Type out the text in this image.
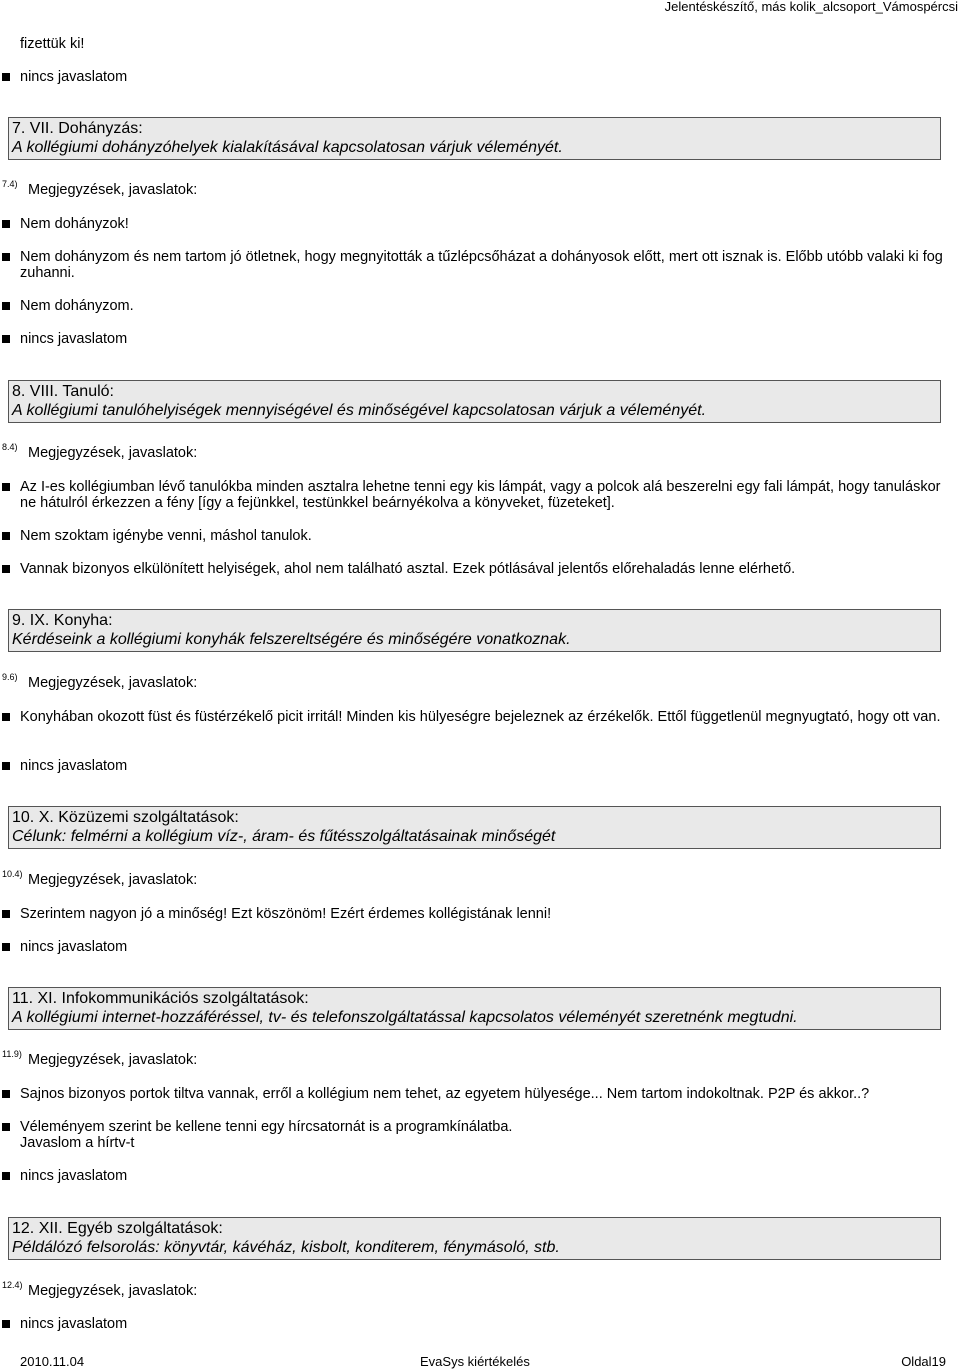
Jelentéskészítő, más kolik_alcsoport_Vámospércsi
fizettük ki!
nincs javaslatom
7. VII. Dohányzás:
A kollégiumi dohányzóhelyek kialakításával kapcsolatosan várjuk véleményét.
7.4) Megjegyzések, javaslatok:
Nem dohányzok!
Nem dohányzom és nem tartom jó ötletnek, hogy megnyitották a tűzlépcsőházat a dohányosok előtt, mert ott isznak is. Előbb utóbb valaki ki fog zuhanni.
Nem dohányzom.
nincs javaslatom
8. VIII. Tanuló:
A kollégiumi tanulóhelyiségek mennyiségével és minőségével kapcsolatosan várjuk a véleményét.
8.4) Megjegyzések, javaslatok:
Az I-es kollégiumban lévő tanulókba minden asztalra lehetne tenni egy kis lámpát, vagy a polcok alá beszerelni egy fali lámpát, hogy tanuláskor ne hátulról érkezzen a fény [így a fejünkkel, testünkkel beárnyékolva a könyveket, füzeteket].
Nem szoktam igénybe venni, máshol tanulok.
Vannak bizonyos elkülönített helyiségek, ahol nem található asztal. Ezek pótlásával jelentős előrehaladás lenne elérhető.
9. IX. Konyha:
Kérdéseink a kollégiumi konyhák felszereltségére és minőségére vonatkoznak.
9.6) Megjegyzések, javaslatok:
Konyhában okozott füst és füstérzékelő picit irritál! Minden kis hülyeségre bejeleznek az érzékelők. Ettől függetlenül megnyugtató, hogy ott van.
nincs javaslatom
10. X. Közüzemi szolgáltatások:
Célunk: felmérni a kollégium víz-, áram- és fűtésszolgáltatásainak minőségét
10.4) Megjegyzések, javaslatok:
Szerintem nagyon jó a minőség! Ezt köszönöm! Ezért érdemes kollégistának lenni!
nincs javaslatom
11. XI. Infokommunikációs szolgáltatások:
A kollégiumi internet-hozzáféréssel, tv- és telefonszolgáltatással kapcsolatos véleményét szeretnénk megtudni.
11.9) Megjegyzések, javaslatok:
Sajnos bizonyos portok tiltva vannak, erről a kollégium nem tehet, az egyetem hülyesége... Nem tartom indokoltnak. P2P és akkor..?
Véleményem szerint be kellene tenni egy hírcsatornát is a programkínálatba.
Javaslom a hírtv-t
nincs javaslatom
12. XII. Egyéb szolgáltatások:
Példálózó felsorolás: könyvtár, kávéház, kisbolt, konditerem, fénymásoló, stb.
12.4) Megjegyzések, javaslatok:
nincs javaslatom
2010.11.04	EvaSys kiértékelés	Oldal19
